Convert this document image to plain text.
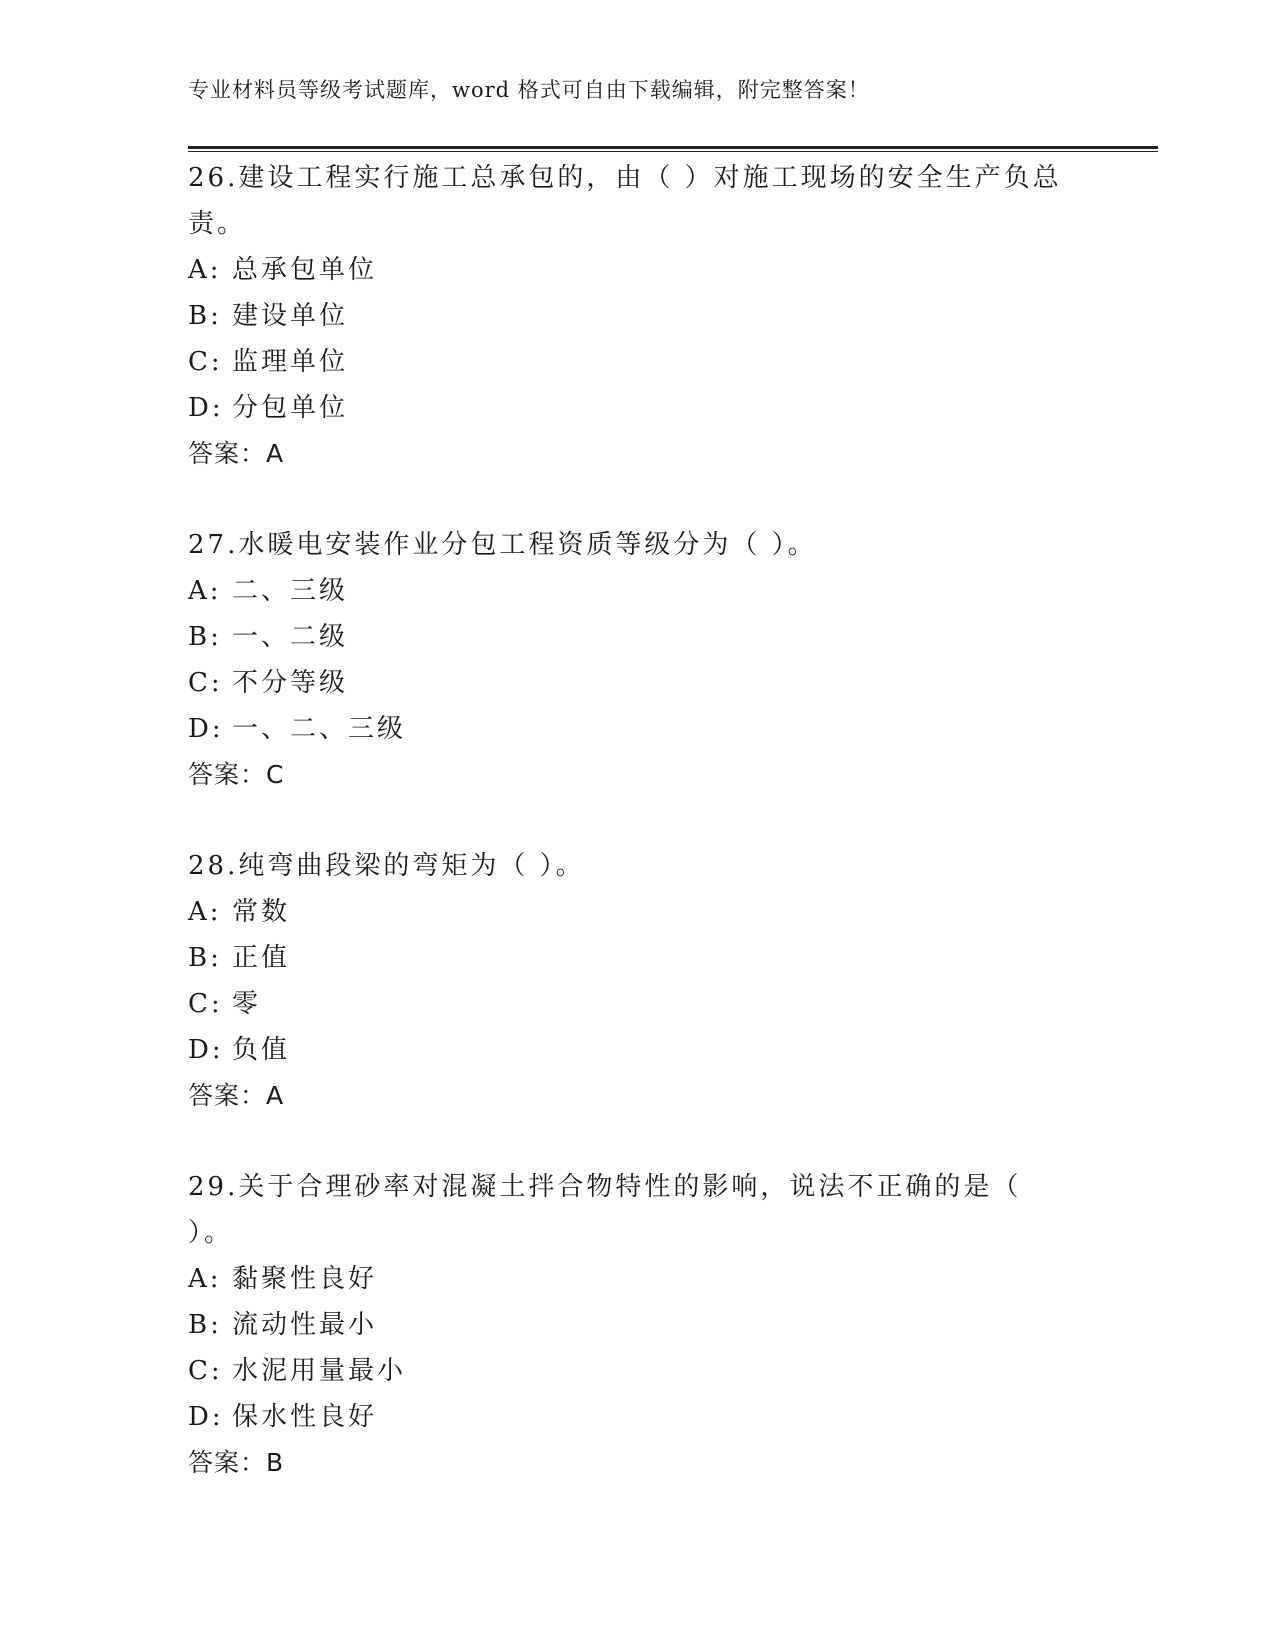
专业材料员等级考试题库，word 格式可自由下载编辑，附完整答案！

26.建设工程实行施工总承包的，由（ ）对施工现场的安全生产负总责。

A: 总承包单位

B: 建设单位

C: 监理单位

D: 分包单位

答案：A

27.水暖电安装作业分包工程资质等级分为（ ）。

A: 二、三级

B: 一、二级

C: 不分等级

D: 一、二、三级

答案：C

28.纯弯曲段梁的弯矩为（ ）。

A: 常数

B: 正值

C: 零

D: 负值

答案：A

29.关于合理砂率对混凝土拌合物特性的影响，说法不正确的是（ ）。

A: 黏聚性良好

B: 流动性最小

C: 水泥用量最小

D: 保水性良好

答案：B
